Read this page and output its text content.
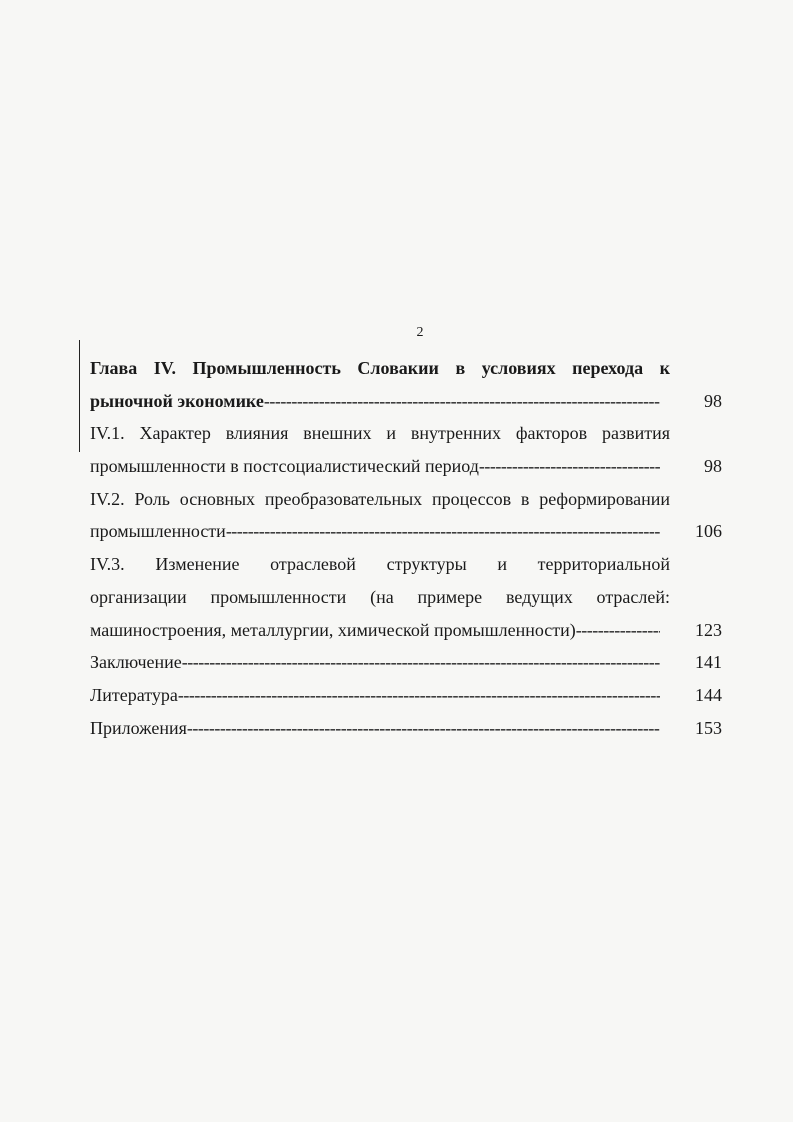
2
Глава IV. Промышленность Словакии в условиях перехода к
рыночной экономике -----	98
IV.1. Характер влияния внешних и внутренних факторов развития
промышленности в постсоциалистический период -----	98
IV.2. Роль основных преобразовательных процессов в реформировании
промышленности -----	106
IV.3. Изменение отраслевой структуры и территориальной
организации промышленности (на примере ведущих отраслей:
машиностроения, металлургии, химической промышленности) -----	123
Заключение -----	141
Литература -----	144
Приложения -----	153
